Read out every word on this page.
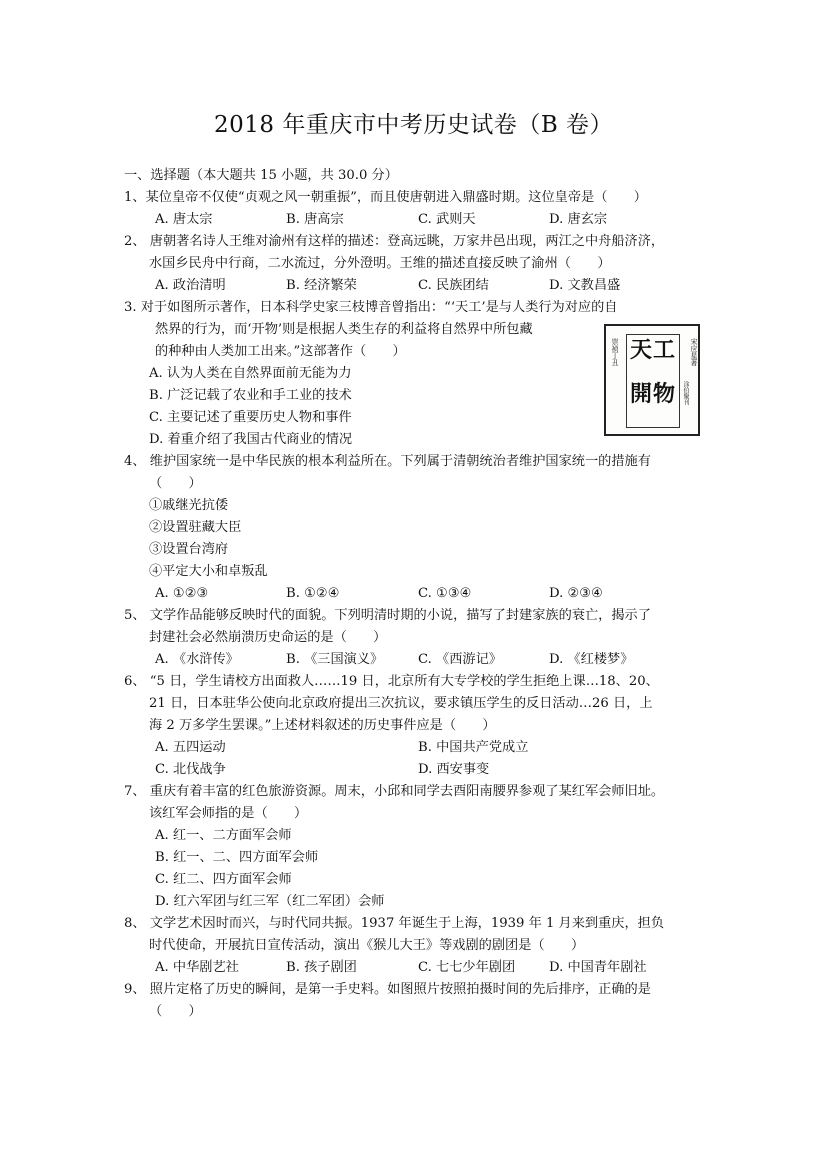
2018 年重庆市中考历史试卷（B 卷）
一、选择题（本大题共 15 小题，共 30.0 分）
1、某位皇帝不仅使“贞观之风一朝重振”，而且使唐朝进入鼎盛时期。这位皇帝是（　　）
A. 唐太宗	B. 唐高宗	C. 武则天	D. 唐玄宗
2、 唐朝著名诗人王维对渝州有这样的描述：登高远眺，万家井邑出现，两江之中舟船济济，
水国乡民舟中行商，二水流过，分外澄明。王维的描述直接反映了渝州（　　）
A. 政治清明	B. 经济繁荣	C. 民族团结	D. 文教昌盛
3. 对于如图所示著作，日本科学史家三枝博音曾指出：“‘天工’是与人类行为对应的自
然界的行为，而‘开物’则是根据人类生存的利益将自然界中所包藏
的种种由人类加工出来。”这部著作（　　）
A. 认为人类在自然界面前无能为力
B. 广泛记载了农业和手工业的技术
C. 主要记述了重要历史人物和事件
D. 着重介绍了我国古代商业的情况
崇祯丁丑	宋应星著
天 工
開 物 涂伯聚刊
4、 维护国家统一是中华民族的根本利益所在。下列属于清朝统治者维护国家统一的措施有
（　　）
①戚继光抗倭
②设置驻藏大臣
③设置台湾府
④平定大小和卓叛乱
A. ①②③	B. ①②④	C. ①③④	D. ②③④
5、 文学作品能够反映时代的面貌。下列明清时期的小说，描写了封建家族的衰亡，揭示了
封建社会必然崩溃历史命运的是（　　）
A. 《水浒传》	B. 《三国演义》	C. 《西游记》	D. 《红楼梦》
6、 “5 日，学生请校方出面救人……19 日，北京所有大专学校的学生拒绝上课…18、20、
21 日，日本驻华公使向北京政府提出三次抗议，要求镇压学生的反日活动…26 日，上
海 2 万多学生罢课。”上述材料叙述的历史事件应是（　　）
A. 五四运动	B. 中国共产党成立
C. 北伐战争	D. 西安事变
7、 重庆有着丰富的红色旅游资源。周末，小邱和同学去酉阳南腰界参观了某红军会师旧址。
该红军会师指的是（　　）
A. 红一、二方面军会师
B. 红一、二、四方面军会师
C. 红二、四方面军会师
D. 红六军团与红三军（红二军团）会师
8、 文学艺术因时而兴，与时代同共振。1937 年诞生于上海，1939 年 1 月来到重庆，担负
时代使命，开展抗日宣传活动，演出《猴儿大王》等戏剧的剧团是（　　）
A. 中华剧艺社	B. 孩子剧团	C. 七七少年剧团	D. 中国青年剧社
9、 照片定格了历史的瞬间，是第一手史料。如图照片按照拍摄时间的先后排序，正确的是
（　　）
